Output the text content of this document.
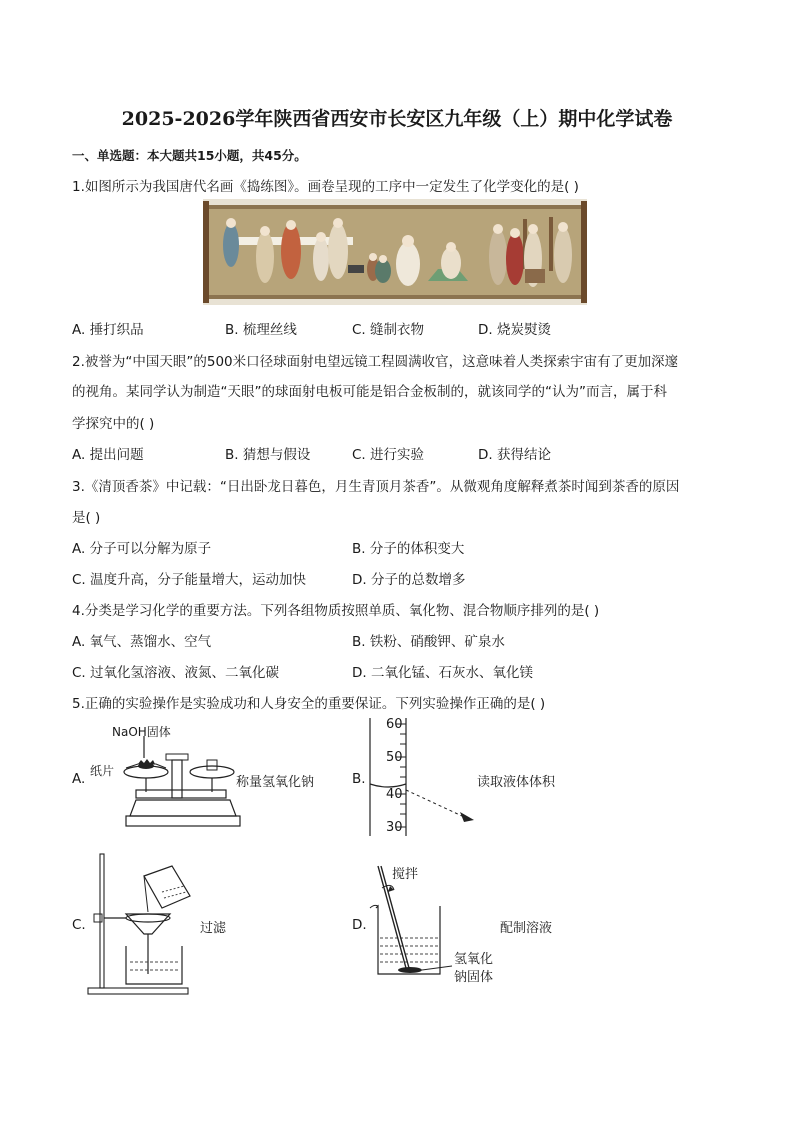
2025-2026学年陕西省西安市长安区九年级（上）期中化学试卷
一、单选题：本大题共15小题，共45分。
1.如图所示为我国唐代名画《捣练图》。画卷呈现的工序中一定发生了化学变化的是( )
A. 捶打织品	B. 梳理丝线	C. 缝制衣物	D. 烧炭熨烫
2.被誉为“中国天眼”的500米口径球面射电望远镜工程圆满收官，这意味着人类探索宇宙有了更加深邃
的视角。某同学认为制造“天眼”的球面射电板可能是铝合金板制的，就该同学的“认为”而言，属于科
学探究中的( )
A. 提出问题	B. 猜想与假设	C. 进行实验	D. 获得结论
3.《清顶香茶》中记载：“日出卧龙日暮色，月生青顶月茶香”。从微观角度解释煮茶时闻到茶香的原因
是( )
A. 分子可以分解为原子	B. 分子的体积变大
C. 温度升高，分子能量增大，运动加快	D. 分子的总数增多
4.分类是学习化学的重要方法。下列各组物质按照单质、氧化物、混合物顺序排列的是( )
A. 氧气、蒸馏水、空气	B. 铁粉、硝酸钾、矿泉水
C. 过氧化氢溶液、液氮、二氧化碳	D. 二氧化锰、石灰水、氧化镁
5.正确的实验操作是实验成功和人身安全的重要保证。下列实验操作正确的是( )
A.
NaOH固体
纸片
称量氢氧化钠	B.
60
50
40
30
读取液体体积
C.	过滤	D.
搅拌
氢氧化
钠固体
配制溶液
